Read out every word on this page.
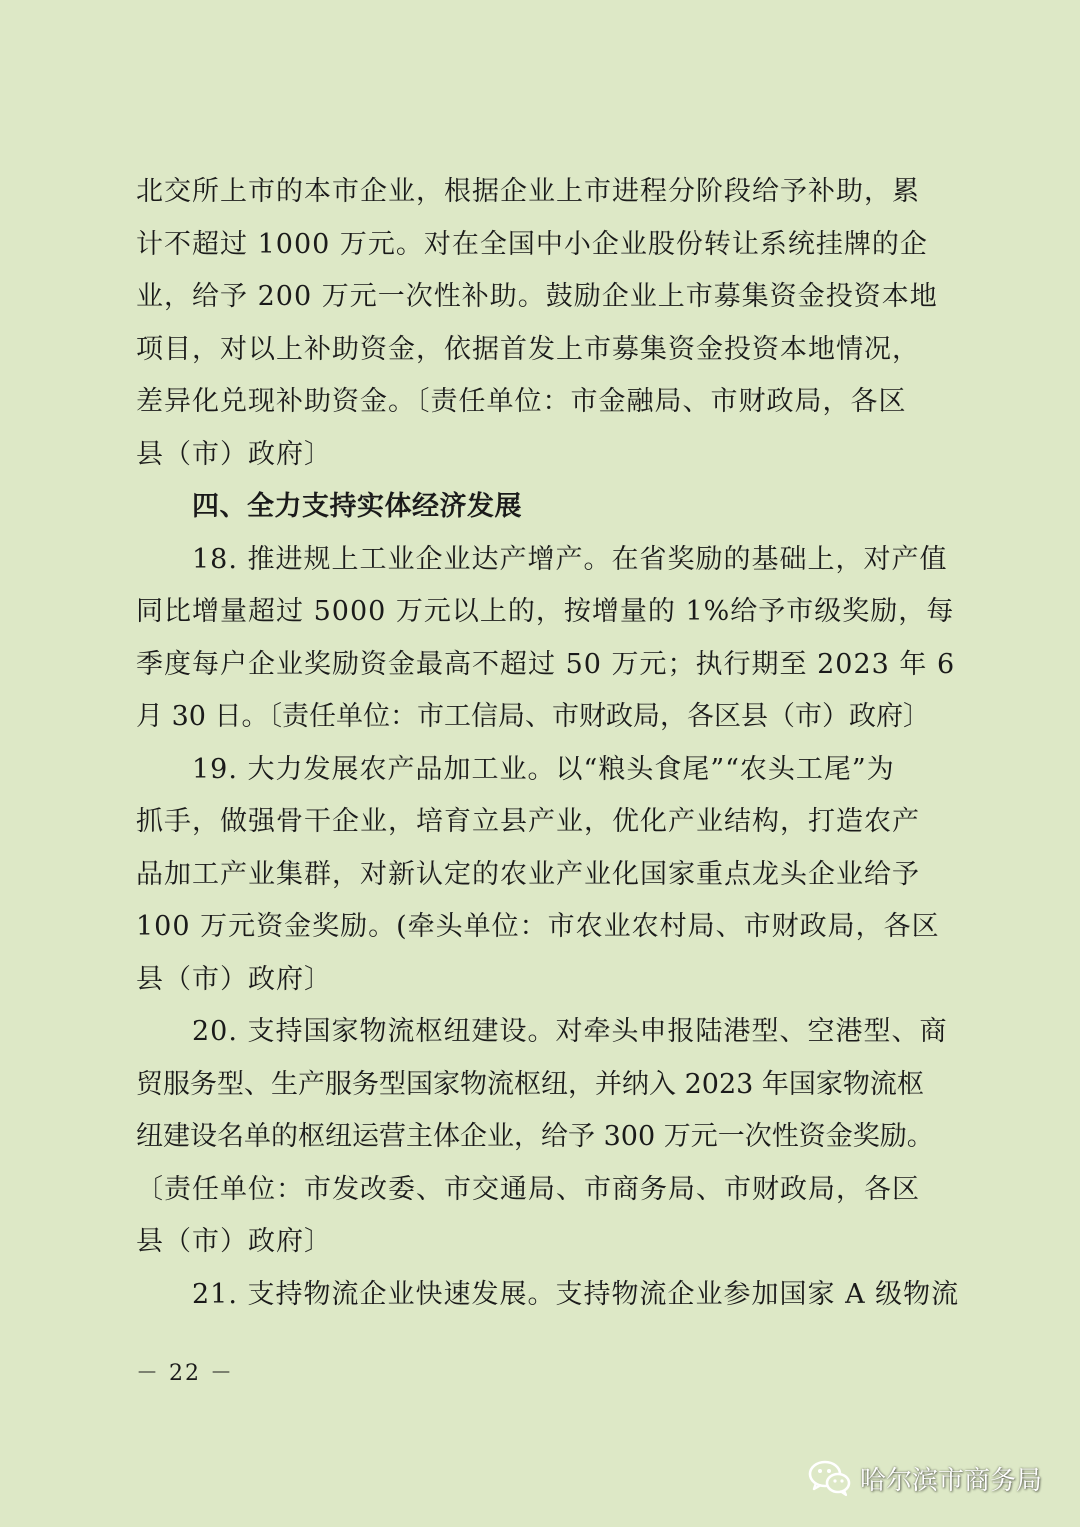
北交所上市的本市企业，根据企业上市进程分阶段给予补助，累
计不超过 1000 万元。对在全国中小企业股份转让系统挂牌的企
业，给予 200 万元一次性补助。鼓励企业上市募集资金投资本地
项目，对以上补助资金，依据首发上市募集资金投资本地情况，
差异化兑现补助资金。〔责任单位：市金融局、市财政局，各区
县（市）政府〕
四、全力支持实体经济发展
18. 推进规上工业企业达产增产。在省奖励的基础上，对产值
同比增量超过 5000 万元以上的，按增量的 1%给予市级奖励，每
季度每户企业奖励资金最高不超过 50 万元；执行期至 2023 年 6
月 30 日。〔责任单位：市工信局、市财政局，各区县（市）政府〕
19. 大力发展农产品加工业。以“粮头食尾”“农头工尾”为
抓手，做强骨干企业，培育立县产业，优化产业结构，打造农产
品加工产业集群，对新认定的农业产业化国家重点龙头企业给予
100 万元资金奖励。(牵头单位：市农业农村局、市财政局，各区
县（市）政府〕
20. 支持国家物流枢纽建设。对牵头申报陆港型、空港型、商
贸服务型、生产服务型国家物流枢纽，并纳入 2023 年国家物流枢
纽建设名单的枢纽运营主体企业，给予 300 万元一次性资金奖励。
〔责任单位：市发改委、市交通局、市商务局、市财政局，各区
县（市）政府〕
21. 支持物流企业快速发展。支持物流企业参加国家 A 级物流
－ 22 －
哈尔滨市商务局
